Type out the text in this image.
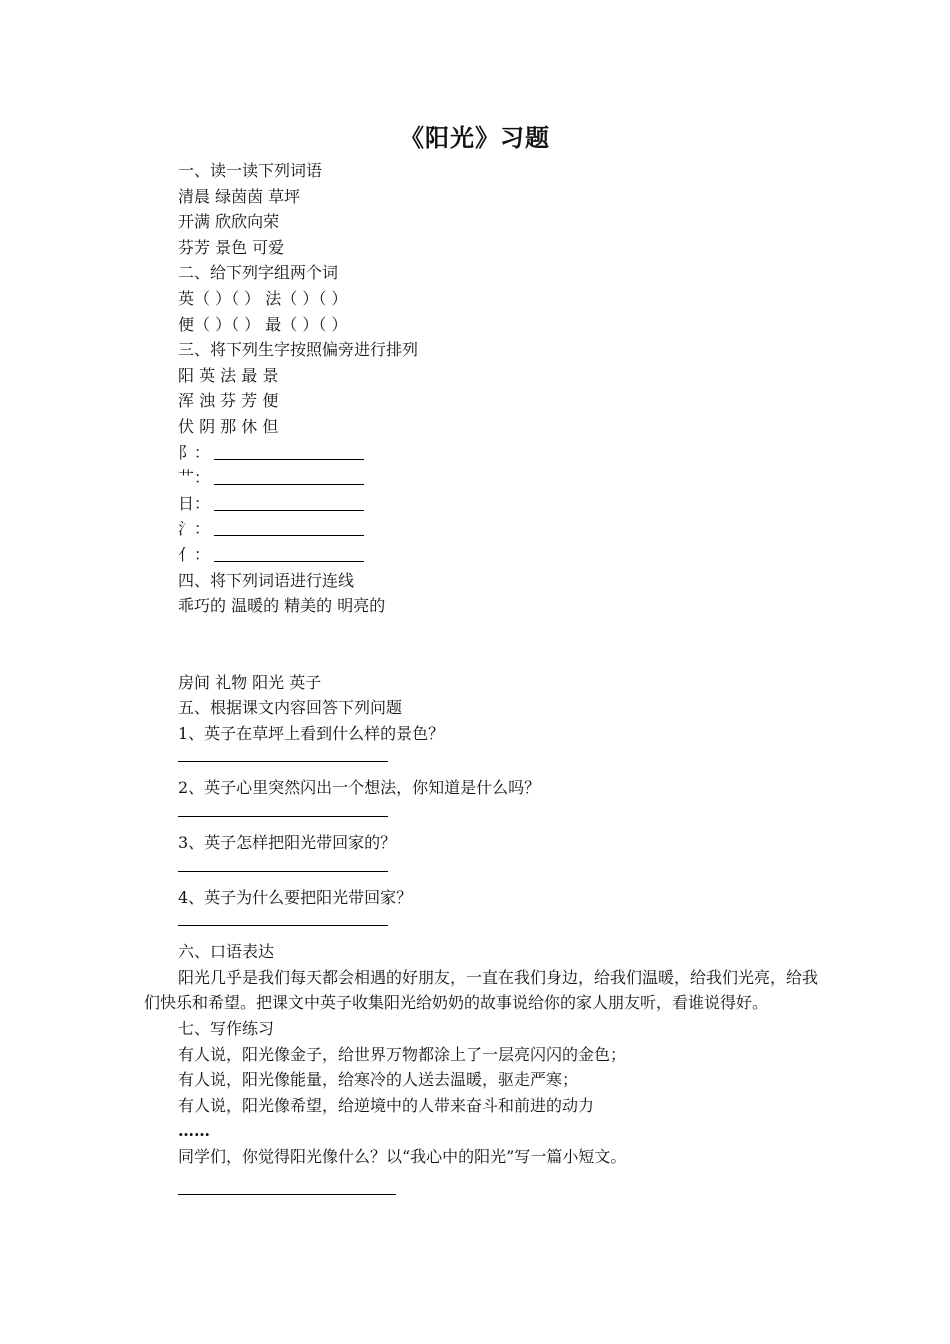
《阳光》习题
一、读一读下列词语
清晨 绿茵茵 草坪
开满 欣欣向荣
芬芳 景色 可爱
二、给下列字组两个词
英（ ）（ ） 法（ ）（ ）
便（ ）（ ） 最（ ）（ ）
三、将下列生字按照偏旁进行排列
阳 英 法 最 景
浑 浊 芬 芳 便
伏 阴 那 休 但
阝：
艹：
日：
氵：
亻：
四、将下列词语进行连线
乖巧的 温暖的 精美的 明亮的
房间 礼物 阳光 英子
五、根据课文内容回答下列问题
1、英子在草坪上看到什么样的景色？
2、英子心里突然闪出一个想法，你知道是什么吗？
3、英子怎样把阳光带回家的？
4、英子为什么要把阳光带回家？
六、口语表达
阳光几乎是我们每天都会相遇的好朋友，一直在我们身边，给我们温暖，给我们光亮，给我们快乐和希望。把课文中英子收集阳光给奶奶的故事说给你的家人朋友听，看谁说得好。
七、写作练习
有人说，阳光像金子，给世界万物都涂上了一层亮闪闪的金色；
有人说，阳光像能量，给寒冷的人送去温暖，驱走严寒；
有人说，阳光像希望，给逆境中的人带来奋斗和前进的动力
……
同学们，你觉得阳光像什么？以“我心中的阳光”写一篇小短文。
